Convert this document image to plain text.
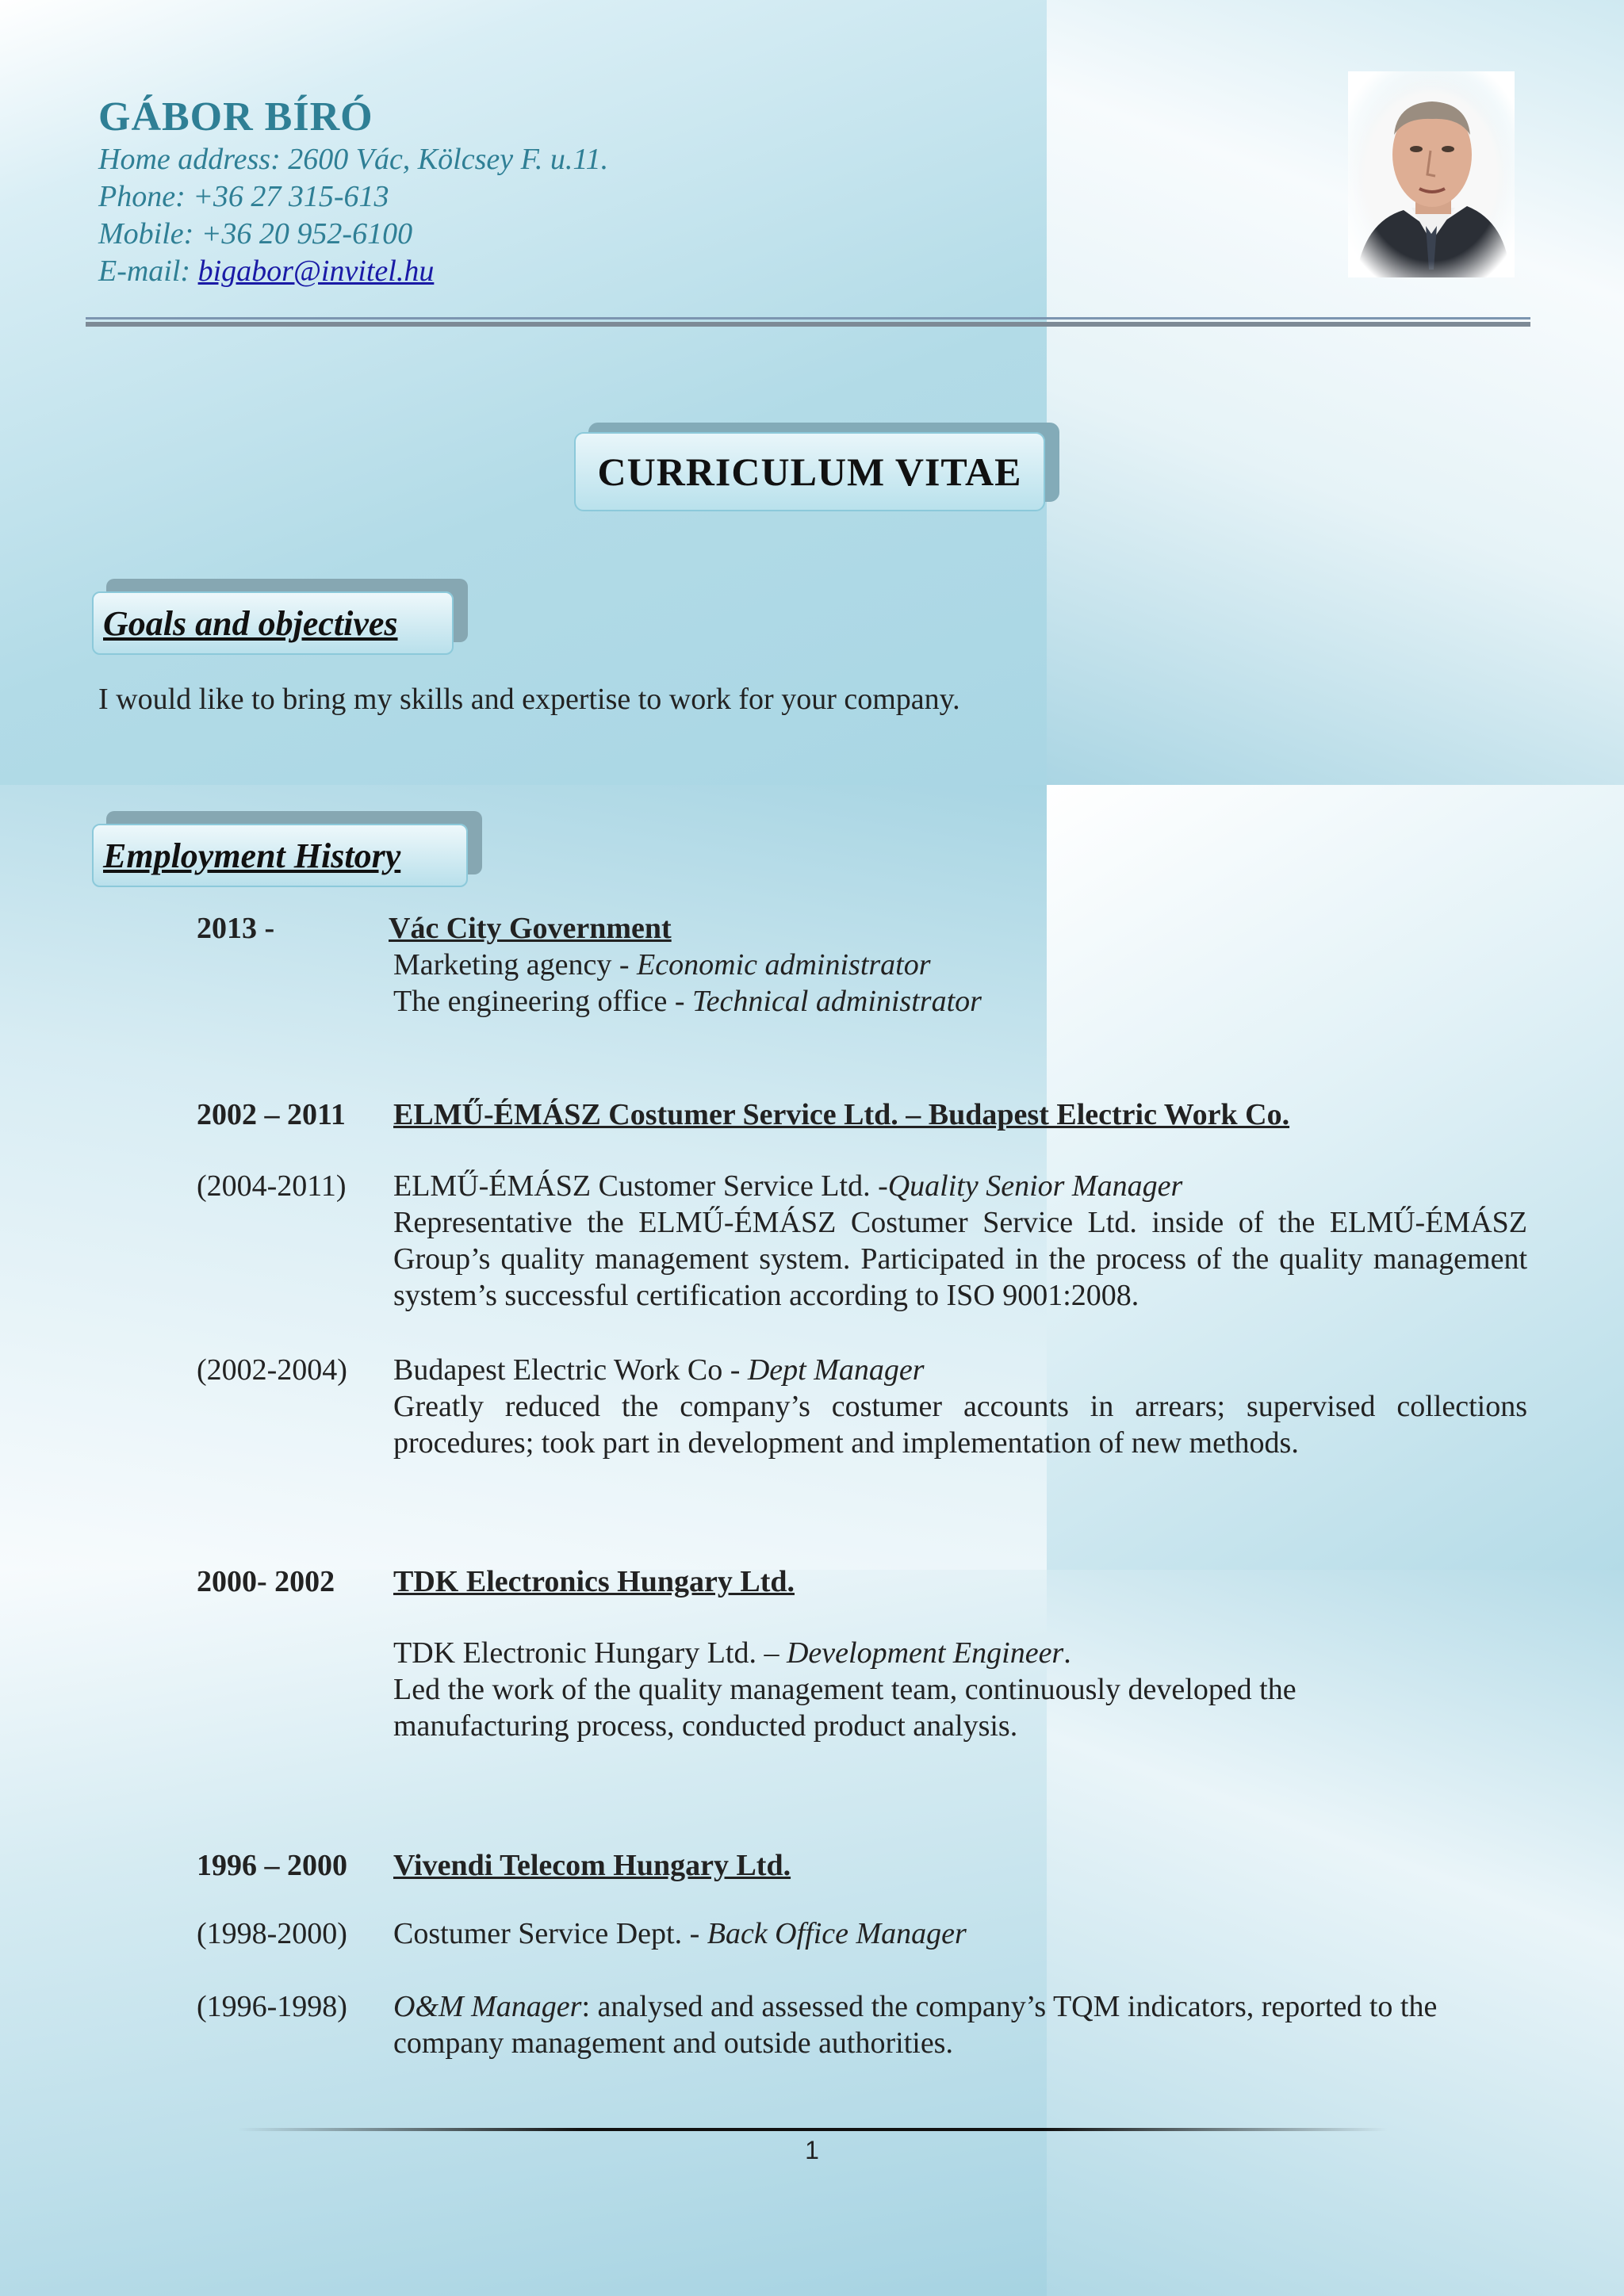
GÁBOR BÍRÓ
Home address: 2600 Vác, Kölcsey F. u.11.
Phone: +36 27 315-613
Mobile: +36 20 952-6100
E-mail: bigabor@invitel.hu
CURRICULUM VITAE
Goals and objectives
I would like to bring my skills and expertise to work for your company.
Employment History
2013 -	Vác City Government
Marketing agency - Economic administrator
The engineering office - Technical administrator
2002 – 2011 ELMŰ-ÉMÁSZ Costumer Service Ltd. – Budapest Electric Work Co.
(2004-2011) ELMŰ-ÉMÁSZ Customer Service Ltd. -Quality Senior Manager
Representative the ELMŰ-ÉMÁSZ Costumer Service Ltd. inside of the ELMŰ-ÉMÁSZ Group’s quality management system. Participated in the process of the quality management system’s successful certification according to ISO 9001:2008.
(2002-2004) Budapest Electric Work Co - Dept Manager
Greatly reduced the company’s costumer accounts in arrears; supervised collections procedures; took part in development and implementation of new methods.
2000- 2002 TDK Electronics Hungary Ltd.
TDK Electronic Hungary Ltd. – Development Engineer.
Led the work of the quality management team, continuously developed the
manufacturing process, conducted product analysis.
1996 – 2000 Vivendi Telecom Hungary Ltd.
(1998-2000) Costumer Service Dept. - Back Office Manager
(1996-1998) O&M Manager: analysed and assessed the company’s TQM indicators, reported to the company management and outside authorities.
1
